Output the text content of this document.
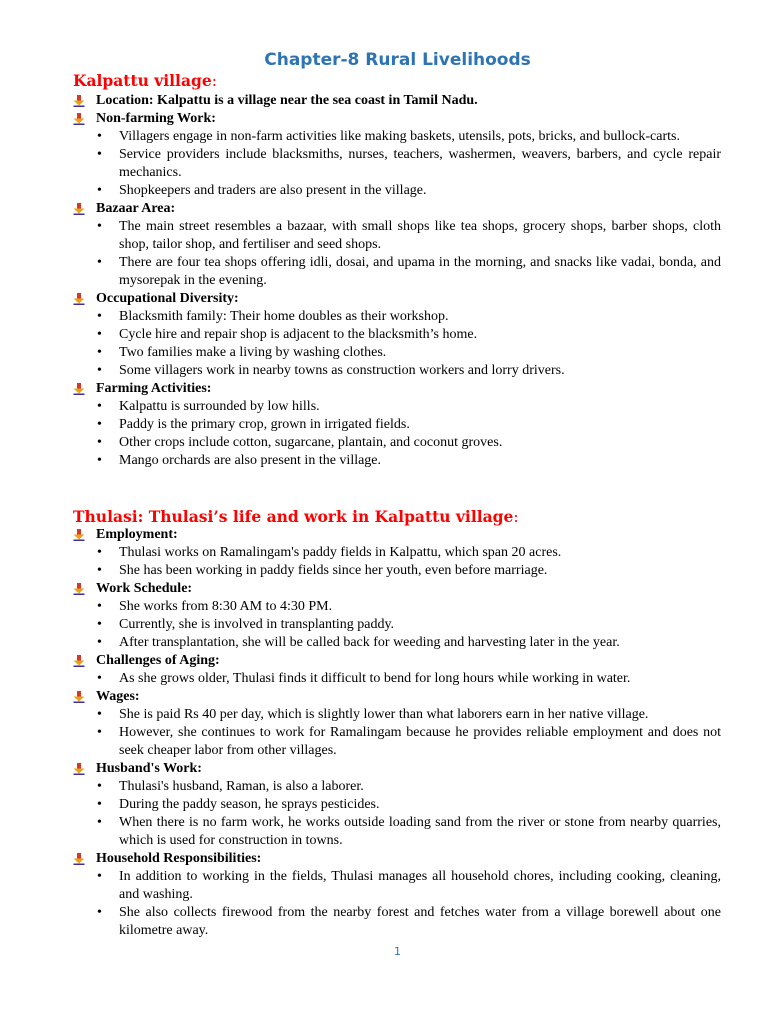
Chapter-8 Rural Livelihoods
Kalpattu village:
Location: Kalpattu is a village near the sea coast in Tamil Nadu.
Non-farming Work:
• Villagers engage in non-farm activities like making baskets, utensils, pots, bricks, and bullock-carts.
• Service providers include blacksmiths, nurses, teachers, washermen, weavers, barbers, and cycle repair mechanics.
• Shopkeepers and traders are also present in the village.
Bazaar Area:
• The main street resembles a bazaar, with small shops like tea shops, grocery shops, barber shops, cloth shop, tailor shop, and fertiliser and seed shops.
• There are four tea shops offering idli, dosai, and upama in the morning, and snacks like vadai, bonda, and mysorepak in the evening.
Occupational Diversity:
• Blacksmith family: Their home doubles as their workshop.
• Cycle hire and repair shop is adjacent to the blacksmith’s home.
• Two families make a living by washing clothes.
• Some villagers work in nearby towns as construction workers and lorry drivers.
Farming Activities:
• Kalpattu is surrounded by low hills.
• Paddy is the primary crop, grown in irrigated fields.
• Other crops include cotton, sugarcane, plantain, and coconut groves.
• Mango orchards are also present in the village.
Thulasi: Thulasi’s life and work in Kalpattu village:
Employment:
• Thulasi works on Ramalingam's paddy fields in Kalpattu, which span 20 acres.
• She has been working in paddy fields since her youth, even before marriage.
Work Schedule:
• She works from 8:30 AM to 4:30 PM.
• Currently, she is involved in transplanting paddy.
• After transplantation, she will be called back for weeding and harvesting later in the year.
Challenges of Aging:
• As she grows older, Thulasi finds it difficult to bend for long hours while working in water.
Wages:
• She is paid Rs 40 per day, which is slightly lower than what laborers earn in her native village.
• However, she continues to work for Ramalingam because he provides reliable employment and does not seek cheaper labor from other villages.
Husband's Work:
• Thulasi's husband, Raman, is also a laborer.
• During the paddy season, he sprays pesticides.
• When there is no farm work, he works outside loading sand from the river or stone from nearby quarries, which is used for construction in towns.
Household Responsibilities:
• In addition to working in the fields, Thulasi manages all household chores, including cooking, cleaning, and washing.
• She also collects firewood from the nearby forest and fetches water from a village borewell about one kilometre away.
1
